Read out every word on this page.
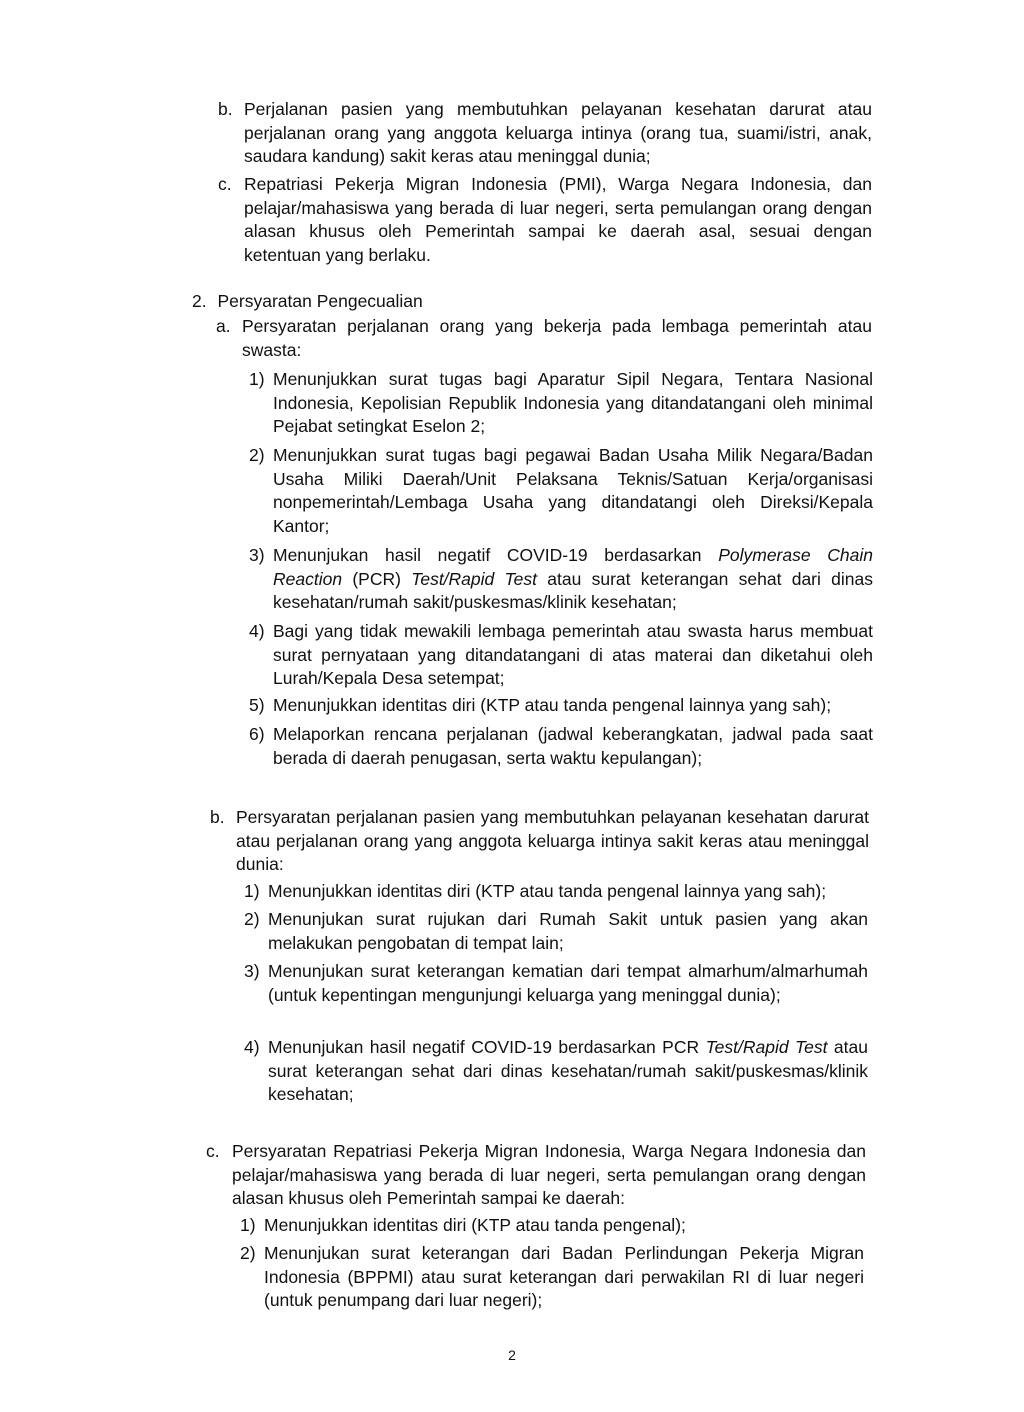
b. Perjalanan pasien yang membutuhkan pelayanan kesehatan darurat atau perjalanan orang yang anggota keluarga intinya (orang tua, suami/istri, anak, saudara kandung) sakit keras atau meninggal dunia;

c. Repatriasi Pekerja Migran Indonesia (PMI), Warga Negara Indonesia, dan pelajar/mahasiswa yang berada di luar negeri, serta pemulangan orang dengan alasan khusus oleh Pemerintah sampai ke daerah asal, sesuai dengan ketentuan yang berlaku.

2. Persyaratan Pengecualian
a. Persyaratan perjalanan orang yang bekerja pada lembaga pemerintah atau swasta:

1) Menunjukkan surat tugas bagi Aparatur Sipil Negara, Tentara Nasional Indonesia, Kepolisian Republik Indonesia yang ditandatangani oleh minimal Pejabat setingkat Eselon 2;

2) Menunjukkan surat tugas bagi pegawai Badan Usaha Milik Negara/Badan Usaha Miliki Daerah/Unit Pelaksana Teknis/Satuan Kerja/organisasi nonpemerintah/Lembaga Usaha yang ditandatangi oleh Direksi/Kepala Kantor;

3) Menunjukan hasil negatif COVID-19 berdasarkan Polymerase Chain Reaction (PCR) Test/Rapid Test atau surat keterangan sehat dari dinas kesehatan/rumah sakit/puskesmas/klinik kesehatan;

4) Bagi yang tidak mewakili lembaga pemerintah atau swasta harus membuat surat pernyataan yang ditandatangani di atas materai dan diketahui oleh Lurah/Kepala Desa setempat;

5) Menunjukkan identitas diri (KTP atau tanda pengenal lainnya yang sah);

6) Melaporkan rencana perjalanan (jadwal keberangkatan, jadwal pada saat berada di daerah penugasan, serta waktu kepulangan);

b. Persyaratan perjalanan pasien yang membutuhkan pelayanan kesehatan darurat atau perjalanan orang yang anggota keluarga intinya sakit keras atau meninggal dunia:

1) Menunjukkan identitas diri (KTP atau tanda pengenal lainnya yang sah);

2) Menunjukan surat rujukan dari Rumah Sakit untuk pasien yang akan melakukan pengobatan di tempat lain;

3) Menunjukan surat keterangan kematian dari tempat almarhum/almarhumah (untuk kepentingan mengunjungi keluarga yang meninggal dunia);

4) Menunjukan hasil negatif COVID-19 berdasarkan PCR Test/Rapid Test atau surat keterangan sehat dari dinas kesehatan/rumah sakit/puskesmas/klinik kesehatan;

c. Persyaratan Repatriasi Pekerja Migran Indonesia, Warga Negara Indonesia dan pelajar/mahasiswa yang berada di luar negeri, serta pemulangan orang dengan alasan khusus oleh Pemerintah sampai ke daerah:

1) Menunjukkan identitas diri (KTP atau tanda pengenal);

2) Menunjukan surat keterangan dari Badan Perlindungan Pekerja Migran Indonesia (BPPMI) atau surat keterangan dari perwakilan RI di luar negeri (untuk penumpang dari luar negeri);

2
